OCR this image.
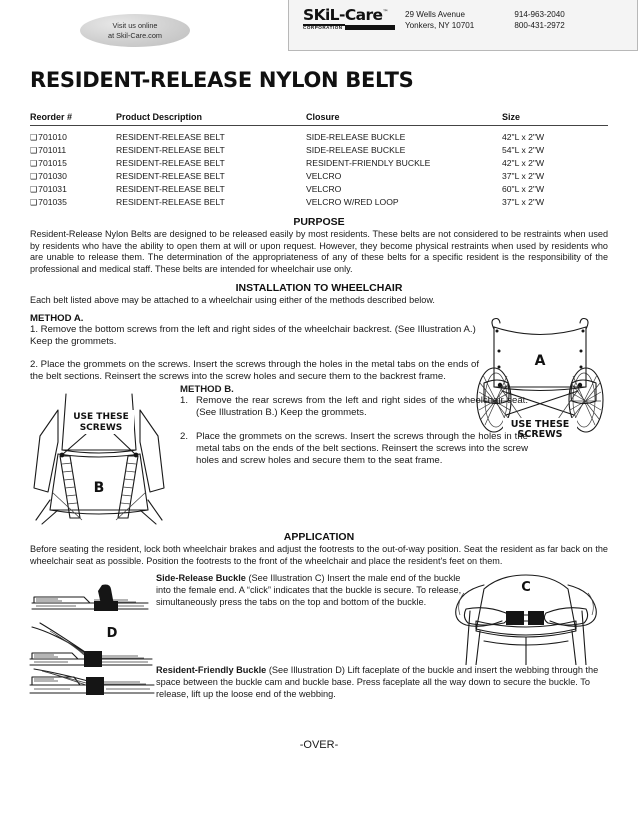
Visit us online
at Skil-Care.com
SKiL-Care™
CORPORATION
29 Wells Avenue
Yonkers, NY 10701
914-963-2040
800-431-2972
RESIDENT-RELEASE NYLON BELTS
Reorder #	Product Description	Closure	Size
❑701010	RESIDENT-RELEASE BELT	SIDE-RELEASE BUCKLE	42"L x 2"W
❑701011	RESIDENT-RELEASE BELT	SIDE-RELEASE BUCKLE	54"L x 2"W
❑701015	RESIDENT-RELEASE BELT	RESIDENT-FRIENDLY BUCKLE	42"L x 2"W
❑701030	RESIDENT-RELEASE BELT	VELCRO	37"L x 2"W
❑701031	RESIDENT-RELEASE BELT	VELCRO	60"L x 2"W
❑701035	RESIDENT-RELEASE BELT	VELCRO W/RED LOOP	37"L x 2"W
PURPOSE

Resident-Release Nylon Belts are designed to be released easily by most residents. These belts are not considered to be restraints when used by residents who have the ability to open them at will or upon request. However, they become physical restraints when used by residents who are unable to release them. The determination of the appropriateness of any of these belts for a specific resident is the responsibility of the professional and medical staff. These belts are intended for wheelchair use only.

INSTALLATION TO WHEELCHAIR

Each belt listed above may be attached to a wheelchair using either of the methods described below.

METHOD A.

1. Remove the bottom screws from the left and right sides of the wheelchair backrest. (See Illustration A.) Keep the grommets.

2. Place the grommets on the screws. Insert the screws through the holes in the metal tabs on the ends of the belt sections. Reinsert the screws into the screw holes and secure them to the backrest frame.

USE THESE
SCREWS
A
USE THESE
SCREWS
B
METHOD B.
1. Remove the rear screws from the left and right sides of the wheelchair seat. (See Illustration B.) Keep the grommets.
2. Place the grommets on the screws. Insert the screws through the holes in the metal tabs on the ends of the belt sections. Reinsert the screws into the screw holes and screw holes and secure them to the seat frame.
APPLICATION

Before seating the resident, lock both wheelchair brakes and adjust the footrests to the out-of-way position. Seat the resident as far back on the wheelchair seat as possible. Position the footrests to the front of the wheelchair and place the resident's feet on them.

D
Side-Release Buckle (See Illustration C) Insert the male end of the buckle into the female end. A “click” indicates that the buckle is secure. To release, simultaneously press the tabs on the top and bottom of the buckle.
C
Resident-Friendly Buckle (See Illustration D) Lift faceplate of the buckle and insert the webbing through the space between the buckle cam and buckle base. Press faceplate all the way down to secure the buckle. To release, lift up the loose end of the webbing.
-OVER-
